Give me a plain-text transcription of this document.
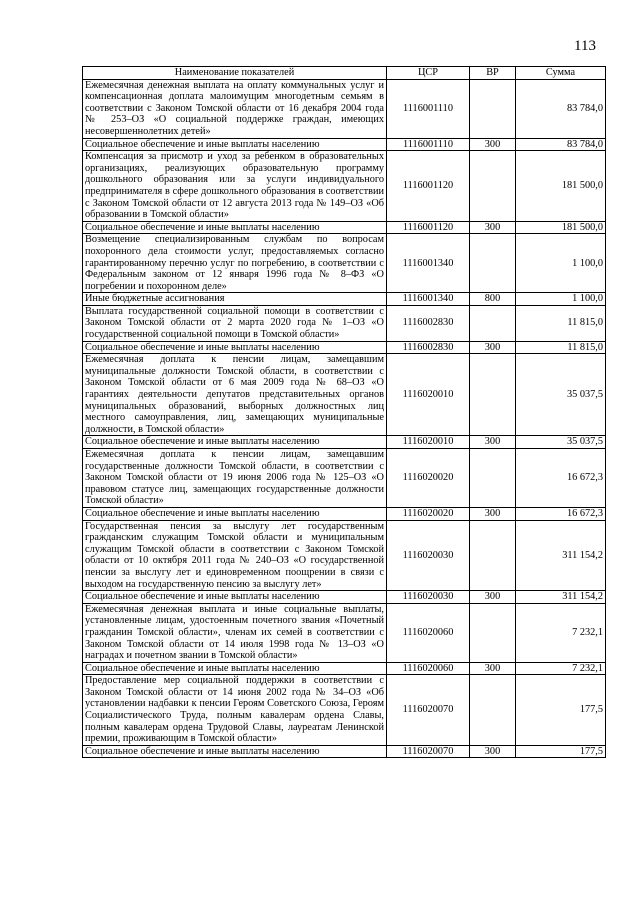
113
Наименование показателей	ЦСР	ВР	Сумма
Ежемесячная денежная выплата на оплату коммунальных услуг и компенсационная доплата малоимущим многодетным семьям в соответствии с Законом Томской области от 16 декабря 2004 года № 253–ОЗ «О социальной поддержке граждан, имеющих несовершеннолетних детей»	1116001110		83 784,0
Социальное обеспечение и иные выплаты населению	1116001110	300	83 784,0
Компенсация за присмотр и уход за ребенком в образовательных организациях, реализующих образовательную программу дошкольного образования или за услуги индивидуального предпринимателя в сфере дошкольного образования в соответствии с Законом Томской области от 12 августа 2013 года № 149–ОЗ «Об образовании в Томской области»	1116001120		181 500,0
Социальное обеспечение и иные выплаты населению	1116001120	300	181 500,0
Возмещение специализированным службам по вопросам похоронного дела стоимости услуг, предоставляемых согласно гарантированному перечню услуг по погребению, в соответствии с Федеральным законом от 12 января 1996 года № 8–ФЗ «О погребении и похоронном деле»	1116001340		1 100,0
Иные бюджетные ассигнования	1116001340	800	1 100,0
Выплата государственной социальной помощи в соответствии с Законом Томской области от 2 марта 2020 года № 1–ОЗ «О государственной социальной помощи в Томской области»	1116002830		11 815,0
Социальное обеспечение и иные выплаты населению	1116002830	300	11 815,0
Ежемесячная доплата к пенсии лицам, замещавшим муниципальные должности Томской области, в соответствии с Законом Томской области от 6 мая 2009 года № 68–ОЗ «О гарантиях деятельности депутатов представительных органов муниципальных образований, выборных должностных лиц местного самоуправления, лиц, замещающих муниципальные должности, в Томской области»	1116020010		35 037,5
Социальное обеспечение и иные выплаты населению	1116020010	300	35 037,5
Ежемесячная доплата к пенсии лицам, замещавшим государственные должности Томской области, в соответствии с Законом Томской области от 19 июня 2006 года № 125–ОЗ «О правовом статусе лиц, замещающих государственные должности Томской области»	1116020020		16 672,3
Социальное обеспечение и иные выплаты населению	1116020020	300	16 672,3
Государственная пенсия за выслугу лет государственным гражданским служащим Томской области и муниципальным служащим Томской области в соответствии с Законом Томской области от 10 октября 2011 года № 240–ОЗ «О государственной пенсии за выслугу лет и единовременном поощрении в связи с выходом на государственную пенсию за выслугу лет»	1116020030		311 154,2
Социальное обеспечение и иные выплаты населению	1116020030	300	311 154,2
Ежемесячная денежная выплата и иные социальные выплаты, установленные лицам, удостоенным почетного звания «Почетный гражданин Томской области», членам их семей в соответствии с Законом Томской области от 14 июля 1998 года № 13–ОЗ «О наградах и почетном звании в Томской области»	1116020060		7 232,1
Социальное обеспечение и иные выплаты населению	1116020060	300	7 232,1
Предоставление мер социальной поддержки в соответствии с Законом Томской области от 14 июня 2002 года № 34–ОЗ «Об установлении надбавки к пенсии Героям Советского Союза, Героям Социалистического Труда, полным кавалерам ордена Славы, полным кавалерам ордена Трудовой Славы, лауреатам Ленинской премии, проживающим в Томской области»	1116020070		177,5
Социальное обеспечение и иные выплаты населению	1116020070	300	177,5
